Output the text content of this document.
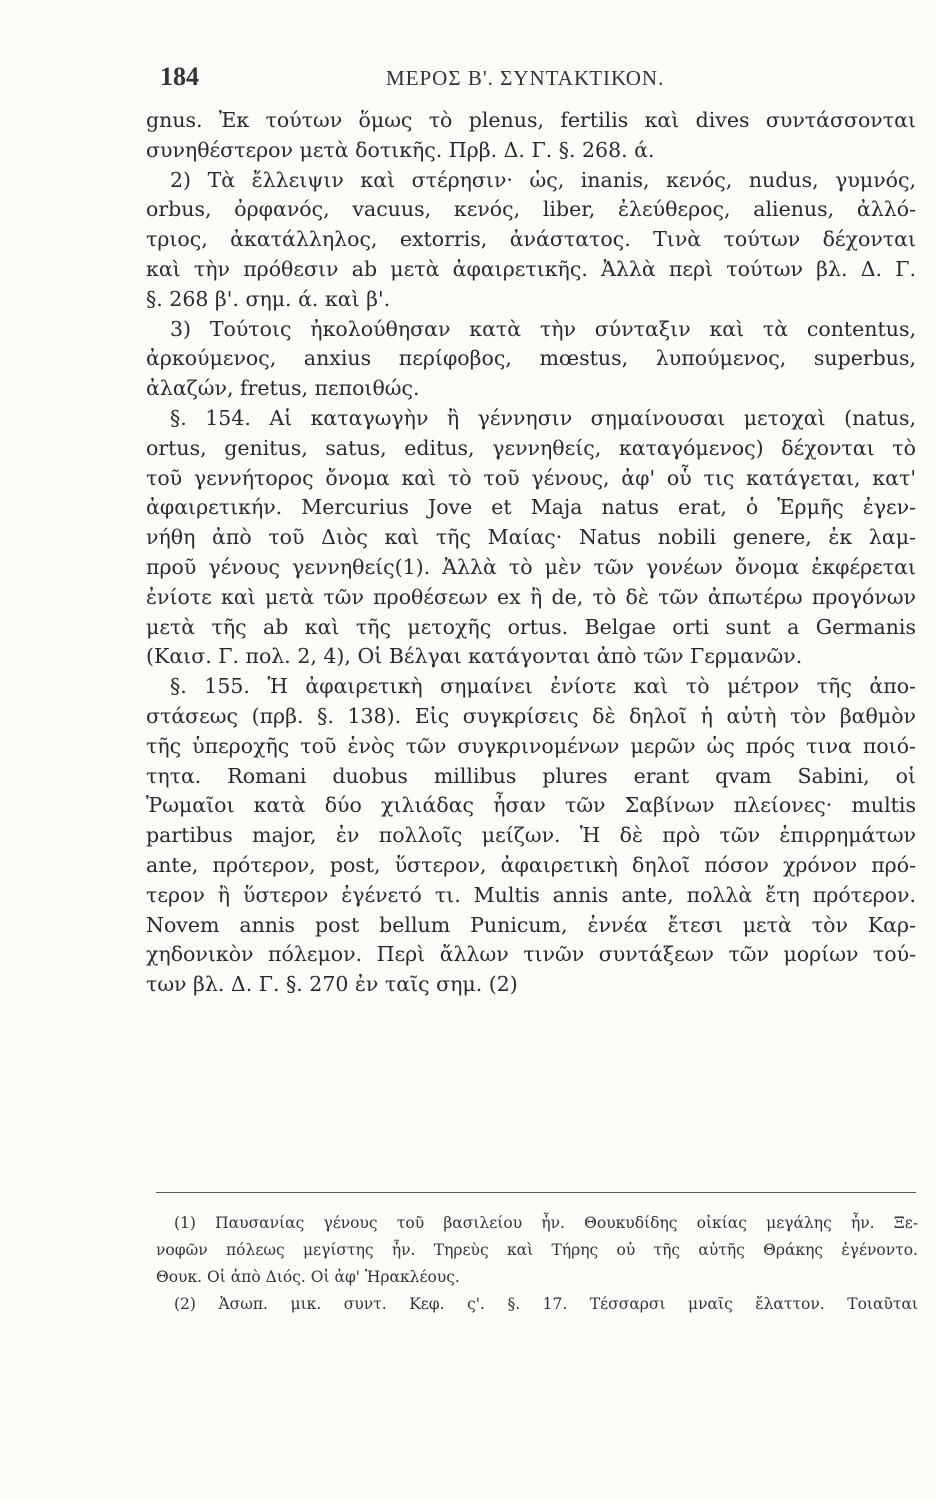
184	ΜΕΡΟΣ Β'. ΣΥΝΤΑΚΤΙΚΟΝ.
gnus. Ἐκ τούτων ὅμως τὸ plenus, fertilis καὶ dives συντάσσονται
συνηθέστερον μετὰ δοτικῆς. Πρβ. Δ. Γ. §. 268. ά.
2) Τὰ ἔλλειψιν καὶ στέρησιν· ὡς, inanis, κενός, nudus, γυμνός,
orbus, ὀρφανός, vacuus, κενός, liber, ἐλεύθερος, alienus, ἀλλό-
τριος, ἀκατάλληλος, extorris, ἀνάστατος. Τινὰ τούτων δέχονται
καὶ τὴν πρόθεσιν ab μετὰ ἀφαιρετικῆς. Ἀλλὰ περὶ τούτων βλ. Δ. Γ.
§. 268 β'. σημ. ά. καὶ β'.
3) Τούτοις ἠκολούθησαν κατὰ τὴν σύνταξιν καὶ τὰ contentus,
ἀρκούμενος, anxius περίφοβος, mœstus, λυπούμενος, superbus,
ἀλαζών, fretus, πεποιθώς.
§. 154. Αἱ καταγωγὴν ἢ γέννησιν σημαίνουσαι μετοχαὶ (natus,
ortus, genitus, satus, editus, γεννηθείς, καταγόμενος) δέχονται τὸ
τοῦ γεννήτορος ὄνομα καὶ τὸ τοῦ γένους, ἀφ' οὗ τις κατάγεται, κατ'
ἀφαιρετικήν. Mercurius Jove et Maja natus erat, ὁ Ἑρμῆς ἐγεν-
νήθη ἀπὸ τοῦ Διὸς καὶ τῆς Μαίας· Natus nobili genere, ἐκ λαμ-
προῦ γένους γεννηθείς(1). Ἀλλὰ τὸ μὲν τῶν γονέων ὄνομα ἐκφέρεται
ἐνίοτε καὶ μετὰ τῶν προθέσεων ex ἢ de, τὸ δὲ τῶν ἀπωτέρω προγόνων
μετὰ τῆς ab καὶ τῆς μετοχῆς ortus. Belgae orti sunt a Germanis
(Καισ. Γ. πολ. 2, 4), Οἱ Βέλγαι κατάγονται ἀπὸ τῶν Γερμανῶν.
§. 155. Ἡ ἀφαιρετικὴ σημαίνει ἐνίοτε καὶ τὸ μέτρον τῆς ἀπο-
στάσεως (πρβ. §. 138). Εἰς συγκρίσεις δὲ δηλοῖ ἡ αὐτὴ τὸν βαθμὸν
τῆς ὑπεροχῆς τοῦ ἑνὸς τῶν συγκρινομένων μερῶν ὡς πρός τινα ποιό-
τητα. Romani duobus millibus plures erant qvam Sabini, οἱ
Ῥωμαῖοι κατὰ δύο χιλιάδας ἦσαν τῶν Σαβίνων πλείονες· multis
partibus major, ἐν πολλοῖς μείζων. Ἡ δὲ πρὸ τῶν ἐπιρρημάτων
ante, πρότερον, post, ὕστερον, ἀφαιρετικὴ δηλοῖ πόσον χρόνον πρό-
τερον ἢ ὕστερον ἐγένετό τι. Multis annis ante, πολλὰ ἔτη πρότερον.
Novem annis post bellum Punicum, ἐννέα ἔτεσι μετὰ τὸν Καρ-
χηδονικὸν πόλεμον. Περὶ ἄλλων τινῶν συντάξεων τῶν μορίων τού-
των βλ. Δ. Γ. §. 270 ἐν ταῖς σημ. (2)
(1) Παυσανίας γένους τοῦ βασιλείου ἦν. Θουκυδίδης οἰκίας μεγάλης ἦν. Ξε-
νοφῶν πόλεως μεγίστης ἦν. Τηρεὺς καὶ Τήρης οὐ τῆς αὐτῆς Θράκης ἐγένοντο.
Θουκ. Οἱ ἀπὸ Διός. Οἱ ἀφ' Ἡρακλέους.
(2) Ἀσωπ. μικ. συντ. Κεφ. ς'. §. 17. Τέσσαρσι μναῖς ἔλαττον. Τοιαῦται
